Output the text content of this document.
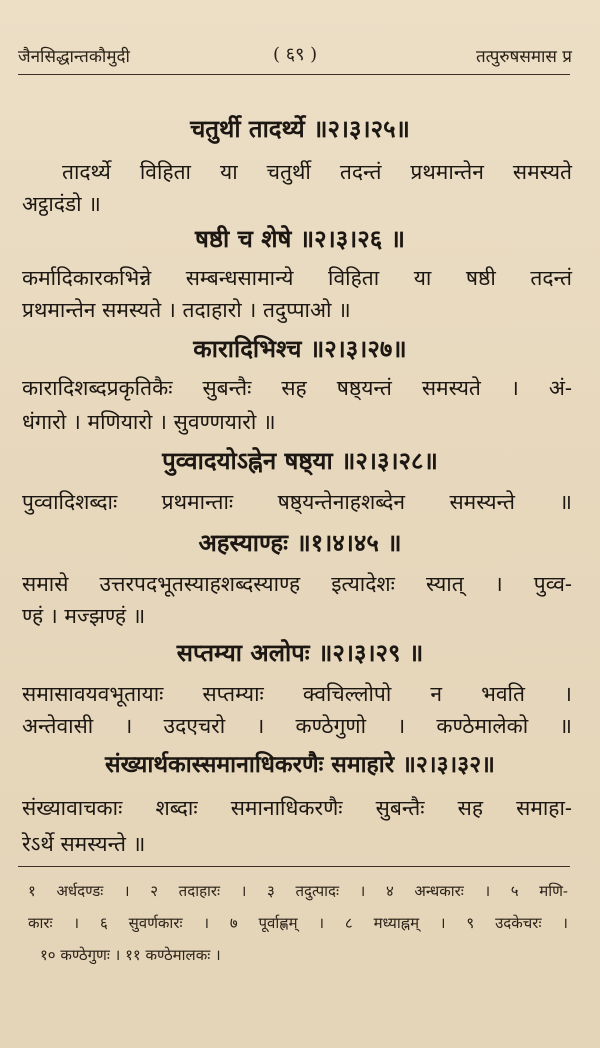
जैनसिद्धान्तकौमुदी	( ६९ )	तत्पुरुषसमास प्र
चतुर्थी तादर्थ्ये ॥२।३।२५॥
तादर्थ्ये विहिता या चतुर्थी तदन्तं प्रथमान्तेन समस्यते
अट्ठादंडो ॥
षष्ठी च शेषे ॥२।३।२६ ॥
कर्मादिकारकभिन्ने सम्बन्धसामान्ये विहिता या षष्ठी तदन्तं
प्रथमान्तेन समस्यते । तदाहारो । तदुप्पाओ ॥
कारादिभिश्च ॥२।३।२७॥
कारादिशब्दप्रकृतिकैः सुबन्तैः सह षष्ठ्यन्तं समस्यते । अं-
धंगारो । मणियारो । सुवण्णयारो ॥
पुव्वादयोऽह्नेन षष्ठ्या ॥२।३।२८॥
पुव्वादिशब्दाः प्रथमान्ताः षष्ठ्यन्तेनाहशब्देन समस्यन्ते ॥
अहस्याण्हः ॥१।४।४५ ॥
समासे उत्तरपदभूतस्याहशब्दस्याण्ह इत्यादेशः स्यात् । पुव्व-
ण्हं । मज्झण्हं ॥
सप्तम्या अलोपः ॥२।३।२९ ॥
समासावयवभूतायाः सप्तम्याः क्वचिल्लोपो न भवति ।
अन्तेवासी । उदएचरो । कण्ठेगुणो । कण्ठेमालेको ॥
संख्यार्थकास्समानाधिकरणैः समाहारे ॥२।३।३२॥
संख्यावाचकाः शब्दाः समानाधिकरणैः सुबन्तैः सह समाहा-
रेऽर्थे समस्यन्ते ॥
१ अर्धदण्डः । २ तदाहारः । ३ तदुत्पादः । ४ अन्धकारः । ५ मणि-
कारः । ६ सुवर्णकारः । ७ पूर्वाह्णम् । ८ मध्याह्नम् । ९ उदकेचरः ।
१० कण्ठेगुणः । ११ कण्ठेमालकः ।
